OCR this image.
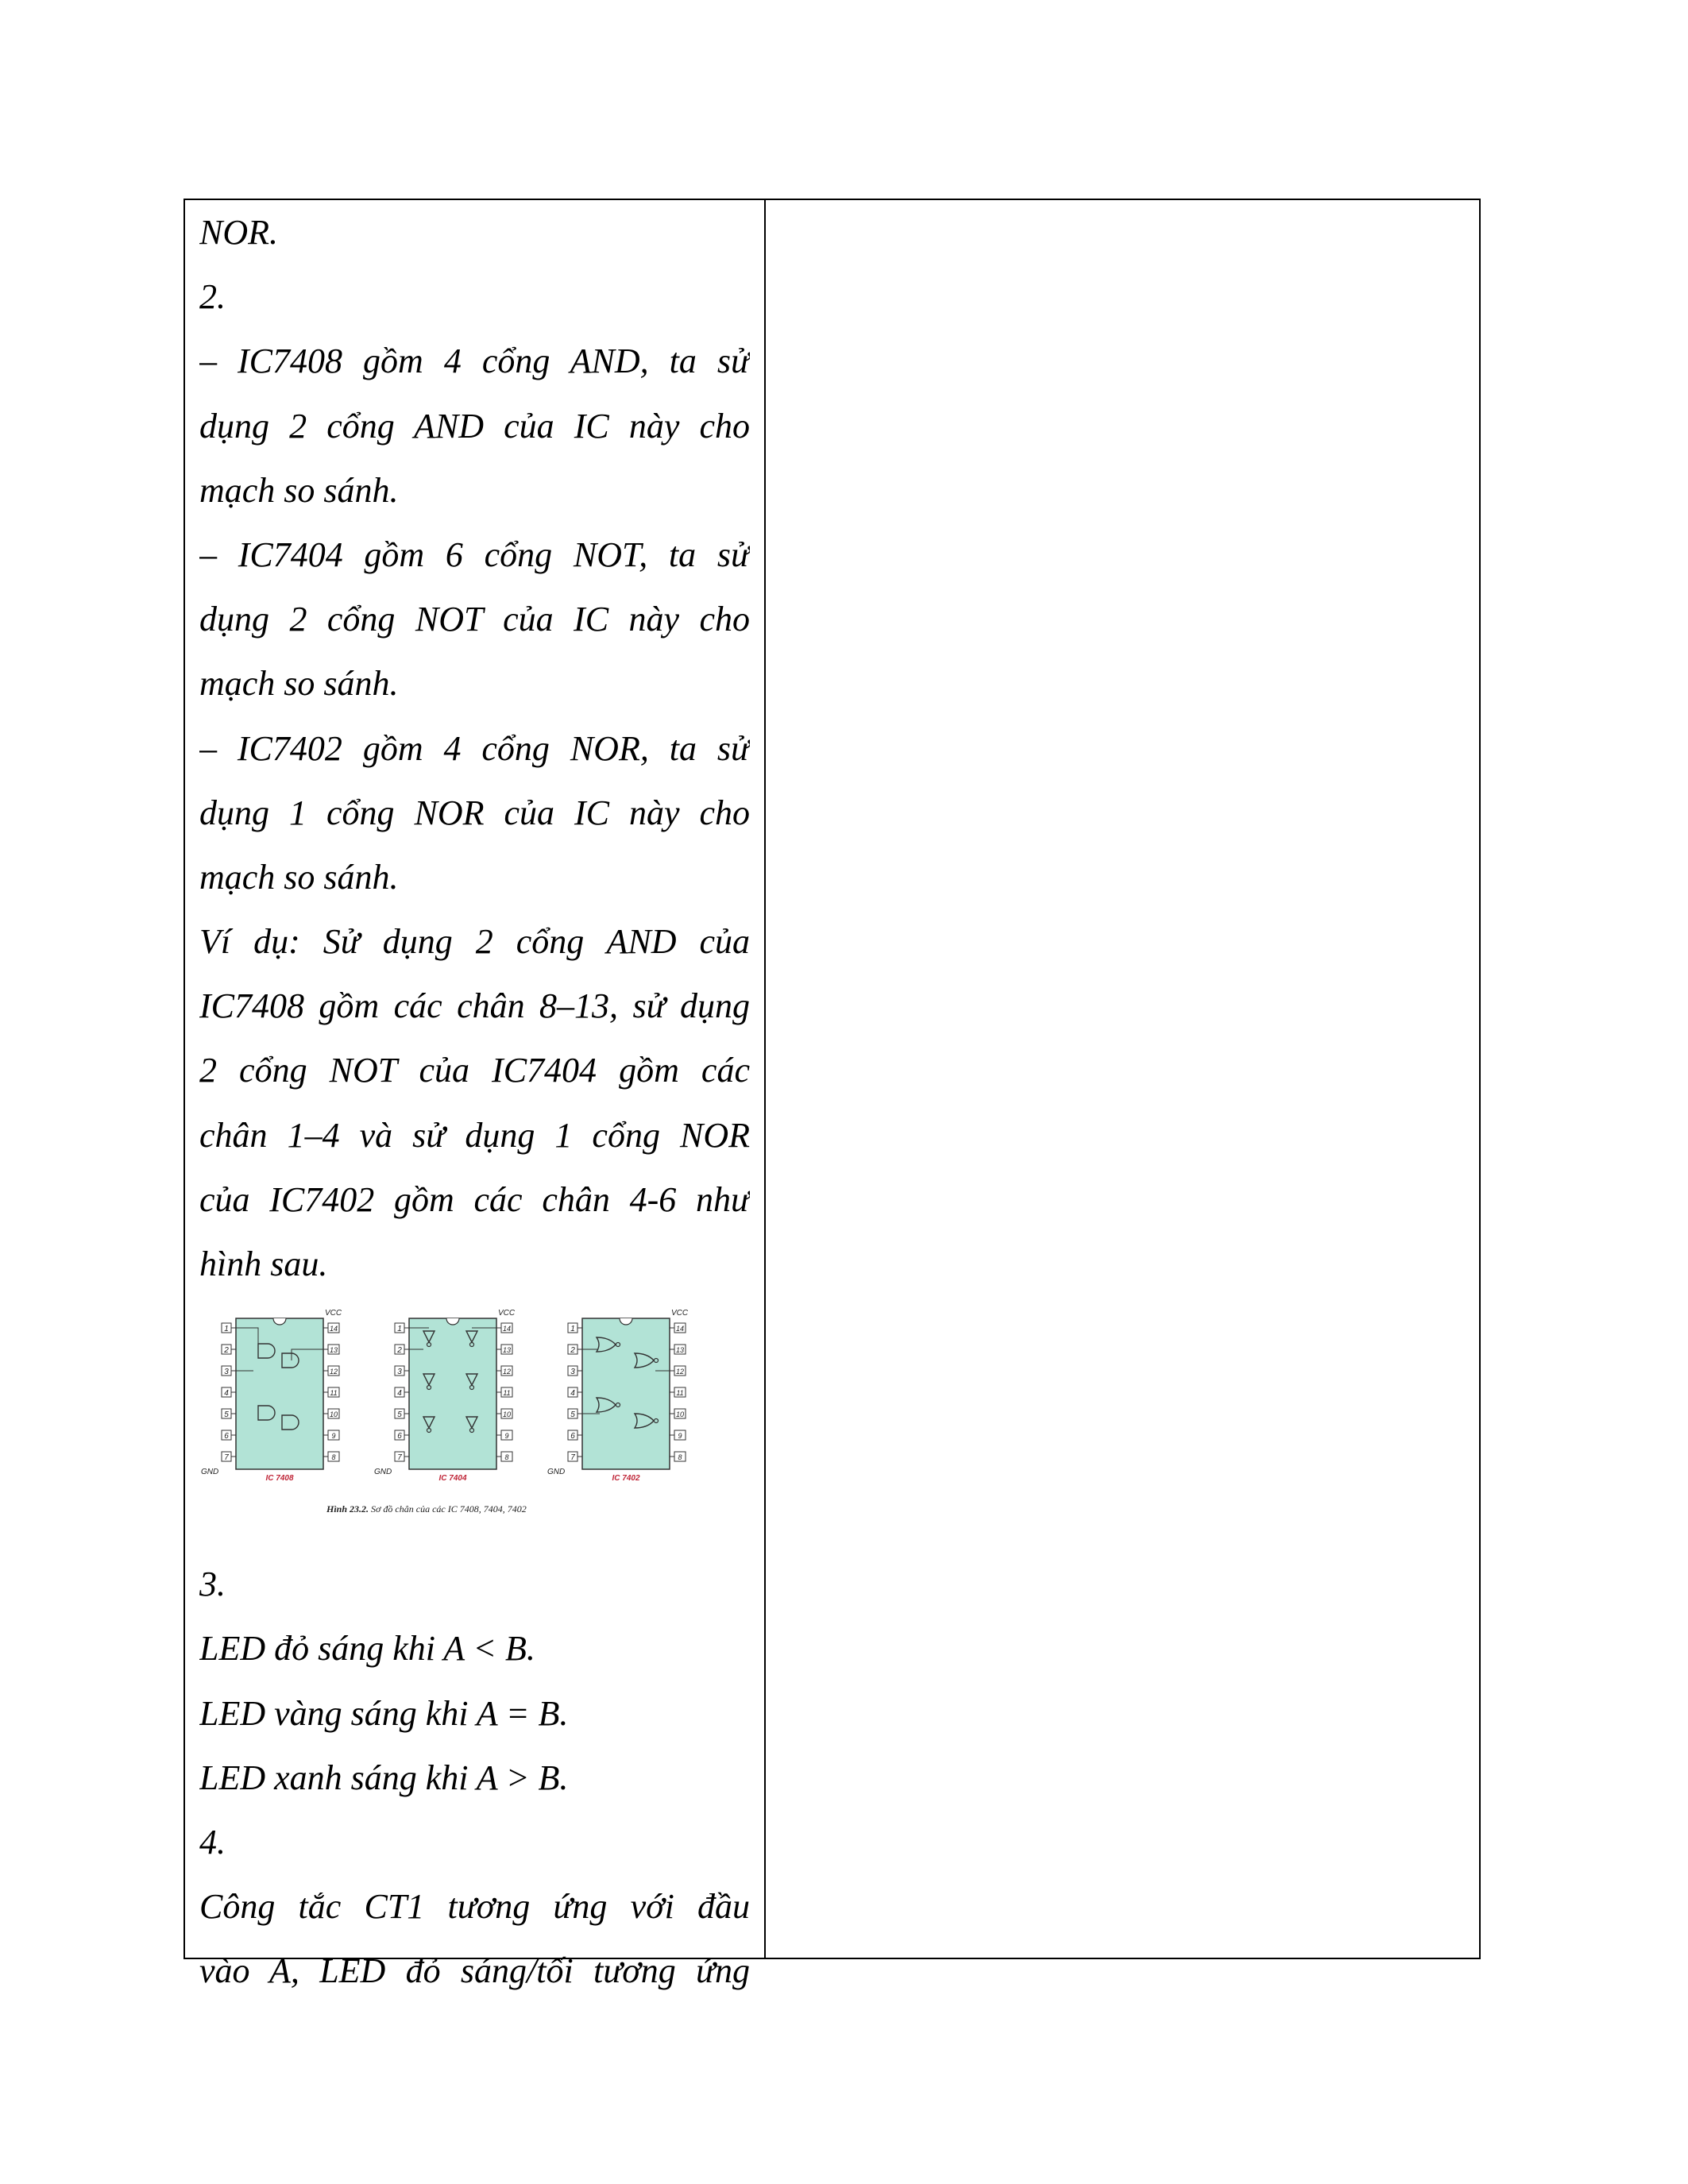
NOR.
2.
– IC7408 gồm 4 cổng AND, ta sử
dụng 2 cổng AND của IC này cho
mạch so sánh.
– IC7404 gồm 6 cổng NOT, ta sử
dụng 2 cổng NOT của IC này cho
mạch so sánh.
– IC7402 gồm 4 cổng NOR, ta sử
dụng 1 cổng NOR của IC này cho
mạch so sánh.
Ví dụ: Sử dụng 2 cổng AND của
IC7408 gồm các chân 8–13, sử dụng
2 cổng NOT của IC7404 gồm các
chân 1–4 và sử dụng 1 cổng NOR
của IC7402 gồm các chân 4-6 như
hình sau.
1
2
3
4
5
6
7
14
13
12
11
10
9
8
VCC
GND
IC 7408
1
2
3
4
5
6
7
14
13
12
11
10
9
8
VCC
GND
IC 7404
1
2
3
4
5
6
7
14
13
12
11
10
9
8
VCC
GND
IC 7402
Hình 23.2. Sơ đồ chân của các IC 7408, 7404, 7402
3.
LED đỏ sáng khi A < B.
LED vàng sáng khi A = B.
LED xanh sáng khi A > B.
4.
Công tắc CT1 tương ứng với đầu
vào A, LED đỏ sáng/tối tương ứng
